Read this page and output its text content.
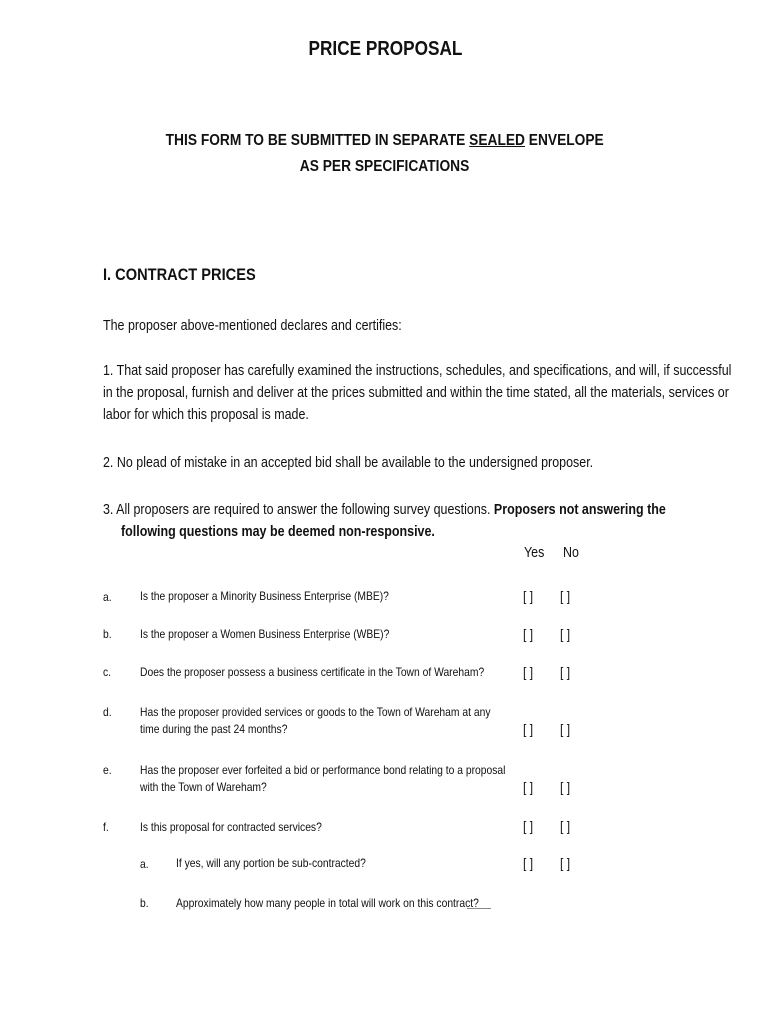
PRICE PROPOSAL
THIS FORM TO BE SUBMITTED IN SEPARATE SEALED ENVELOPE
AS PER SPECIFICATIONS
I. CONTRACT PRICES
The proposer above-mentioned declares and certifies:
1. That said proposer has carefully examined the instructions, schedules, and specifications, and will, if successful
in the proposal, furnish and deliver at the prices submitted and within the time stated, all the materials, services or
labor for which this proposal is made.
2. No plead of mistake in an accepted bid shall be available to the undersigned proposer.
3. All proposers are required to answer the following survey questions. Proposers not answering the
following questions may be deemed non-responsive.
Yes No
a. Is the proposer a Minority Business Enterprise (MBE)?	[ ] [ ]
b. Is the proposer a Women Business Enterprise (WBE)?	[ ] [ ]
c. Does the proposer possess a business certificate in the Town of Wareham?	[ ] [ ]
d. Has the proposer provided services or goods to the Town of Wareham at any
time during the past 24 months?	[ ] [ ]
e. Has the proposer ever forfeited a bid or performance bond relating to a proposal
with the Town of Wareham?	[ ] [ ]
f.	Is this proposal for contracted services?	[ ] [ ]
a. If yes, will any portion be sub-contracted?	[ ] [ ]
b. Approximately how many people in total will work on this contract?
